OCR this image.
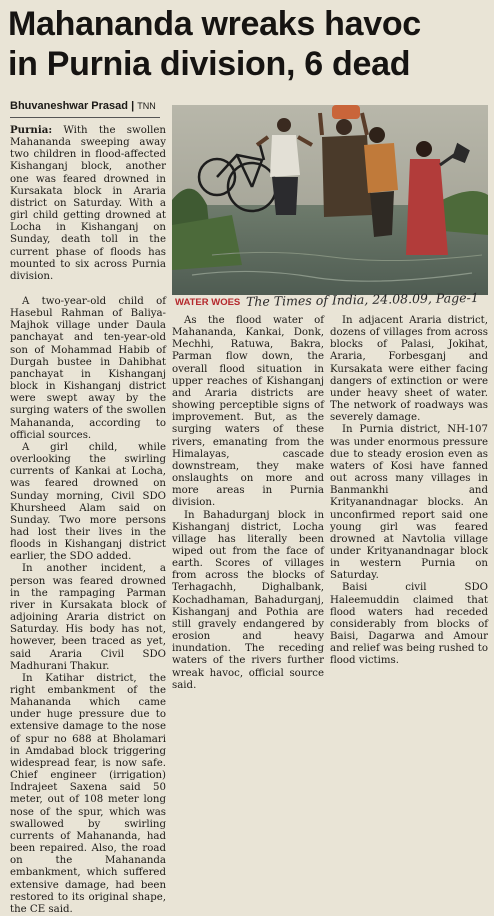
Mahananda wreaks havoc
in Purnia division, 6 dead
Bhuvaneshwar Prasad | TNN
WATER WOES The Times of India, 24.08.09, Page-1

Purnia: With the swollen Mahananda sweeping away two children in flood-affected Kishanganj block, another one was feared drowned in Kursakata block in Araria district on Saturday. With a girl child getting drowned at Locha in Kishanganj on Sunday, death toll in the current phase of floods has mounted to six across Purnia division.

A two-year-old child of Hasebul Rahman of Baliya-Majhok village under Daula panchayat and ten-year-old son of Mohammad Habib of Durgah bustee in Dahibhat panchayat in Kishanganj block in Kishanganj district were swept away by the surging waters of the swollen Mahananda, according to official sources.

A girl child, while overlooking the swirling currents of Kankai at Locha, was feared drowned on Sunday morning, Civil SDO Khursheed Alam said on Sunday. Two more persons had lost their lives in the floods in Kishanganj district earlier, the SDO added.

In another incident, a person was feared drowned in the rampaging Parman river in Kursakata block of adjoining Araria district on Saturday. His body has not, however, been traced as yet, said Araria Civil SDO Madhurani Thakur.

In Katihar district, the right embankment of the Mahananda which came under huge pressure due to extensive damage to the nose of spur no 688 at Bholamari in Amdabad block triggering widespread fear, is now safe. Chief engineer (irrigation) Indrajeet Saxena said 50 meter, out of 108 meter long nose of the spur, which was swallowed by swirling currents of Mahananda, had been repaired. Also, the road on the Mahananda embankment, which suffered extensive damage, had been restored to its original shape, the CE said.

As the flood water of Mahananda, Kankai, Donk, Mechhi, Ratuwa, Bakra, Parman flow down, the overall flood situation in upper reaches of Kishanganj and Araria districts are showing perceptible signs of improvement. But, as the surging waters of these rivers, emanating from the Himalayas, cascade downstream, they make onslaughts on more and more areas in Purnia division.

In Bahadurganj block in Kishanganj district, Locha village has literally been wiped out from the face of earth. Scores of villages from across the blocks of Terhagachh, Dighalbank, Kochadhaman, Bahadurganj, Kishanganj and Pothia are still gravely endangered by erosion and heavy inundation. The receding waters of the rivers further wreak havoc, official source said.

In adjacent Araria district, dozens of villages from across blocks of Palasi, Jokihat, Araria, Forbesganj and Kursakata were either facing dangers of extinction or were under heavy sheet of water. The network of roadways was severely damage.

In Purnia district, NH-107 was under enormous pressure due to steady erosion even as waters of Kosi have fanned out across many villages in Banmankhi and Krityanandnagar blocks. An unconfirmed report said one young girl was feared drowned at Navtolia village under Krityanandnagar block in western Purnia on Saturday.

Baisi civil SDO Haleemuddin claimed that flood waters had receded considerably from blocks of Baisi, Dagarwa and Amour and relief was being rushed to flood victims.
